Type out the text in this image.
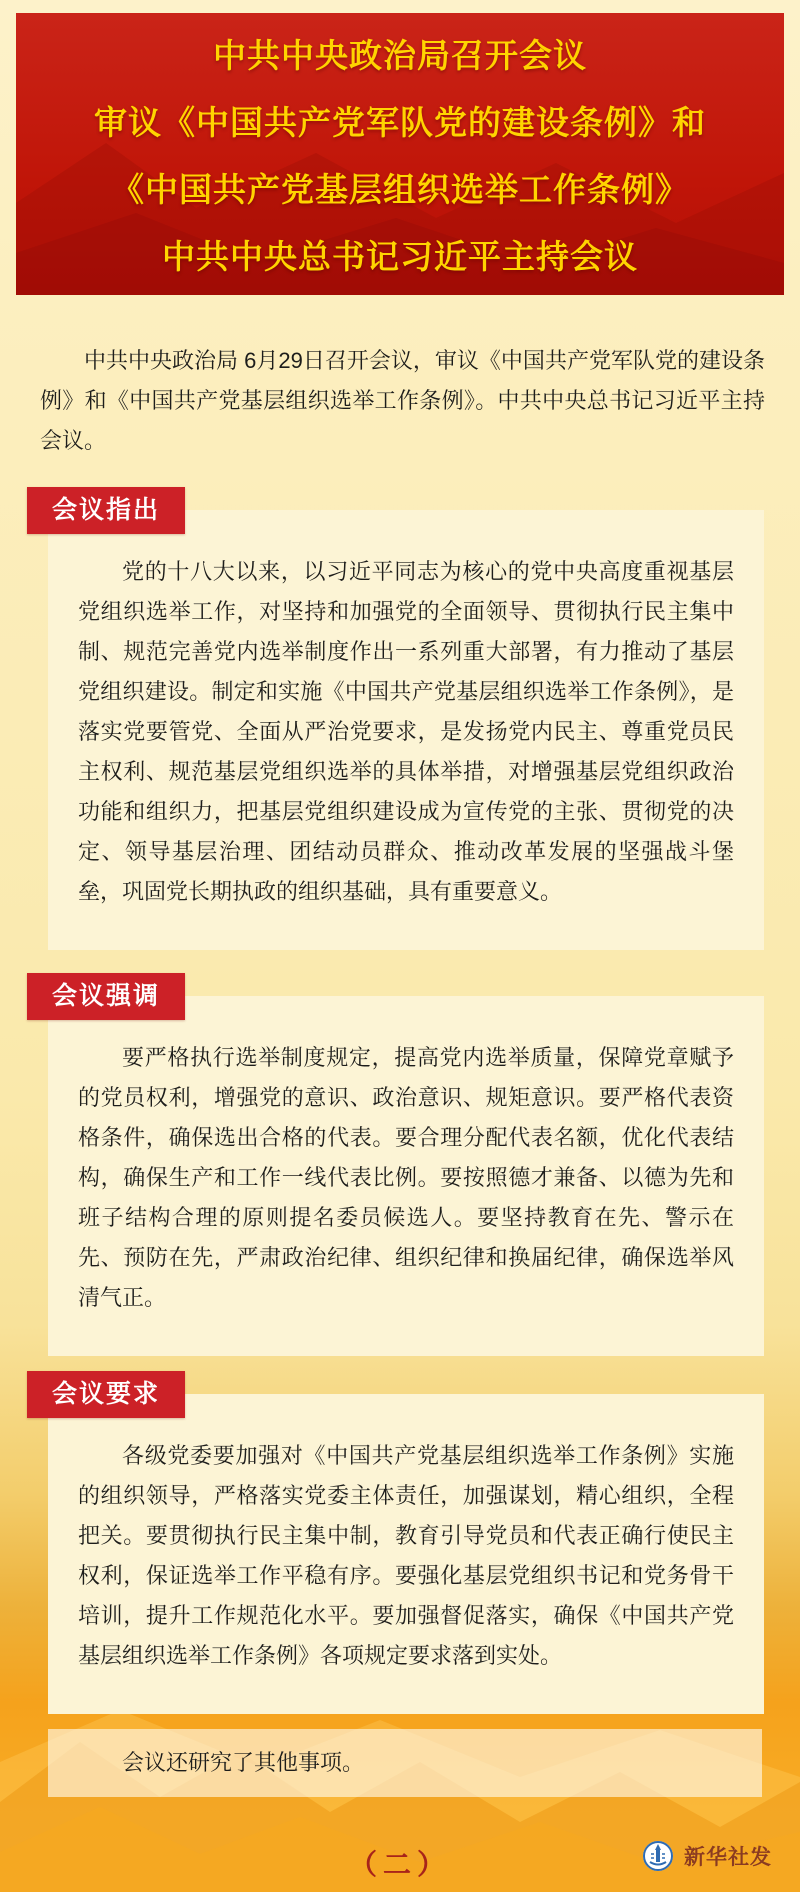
中共中央政治局召开会议
审议《中国共产党军队党的建设条例》和
《中国共产党基层组织选举工作条例》
中共中央总书记习近平主持会议

中共中央政治局 6月29日召开会议，审议《中国共产党军队党的建设条例》和《中国共产党基层组织选举工作条例》。中共中央总书记习近平主持会议。

会议指出

党的十八大以来，以习近平同志为核心的党中央高度重视基层党组织选举工作，对坚持和加强党的全面领导、贯彻执行民主集中制、规范完善党内选举制度作出一系列重大部署，有力推动了基层党组织建设。制定和实施《中国共产党基层组织选举工作条例》，是落实党要管党、全面从严治党要求，是发扬党内民主、尊重党员民主权利、规范基层党组织选举的具体举措，对增强基层党组织政治功能和组织力，把基层党组织建设成为宣传党的主张、贯彻党的决定、领导基层治理、团结动员群众、推动改革发展的坚强战斗堡垒，巩固党长期执政的组织基础，具有重要意义。

会议强调

要严格执行选举制度规定，提高党内选举质量，保障党章赋予的党员权利，增强党的意识、政治意识、规矩意识。要严格代表资格条件，确保选出合格的代表。要合理分配代表名额，优化代表结构，确保生产和工作一线代表比例。要按照德才兼备、以德为先和班子结构合理的原则提名委员候选人。要坚持教育在先、警示在先、预防在先，严肃政治纪律、组织纪律和换届纪律，确保选举风清气正。

会议要求

各级党委要加强对《中国共产党基层组织选举工作条例》实施的组织领导，严格落实党委主体责任，加强谋划，精心组织，全程把关。要贯彻执行民主集中制，教育引导党员和代表正确行使民主权利，保证选举工作平稳有序。要强化基层党组织书记和党务骨干培训，提升工作规范化水平。要加强督促落实，确保《中国共产党基层组织选举工作条例》各项规定要求落到实处。

会议还研究了其他事项。

（二）	新华社发
